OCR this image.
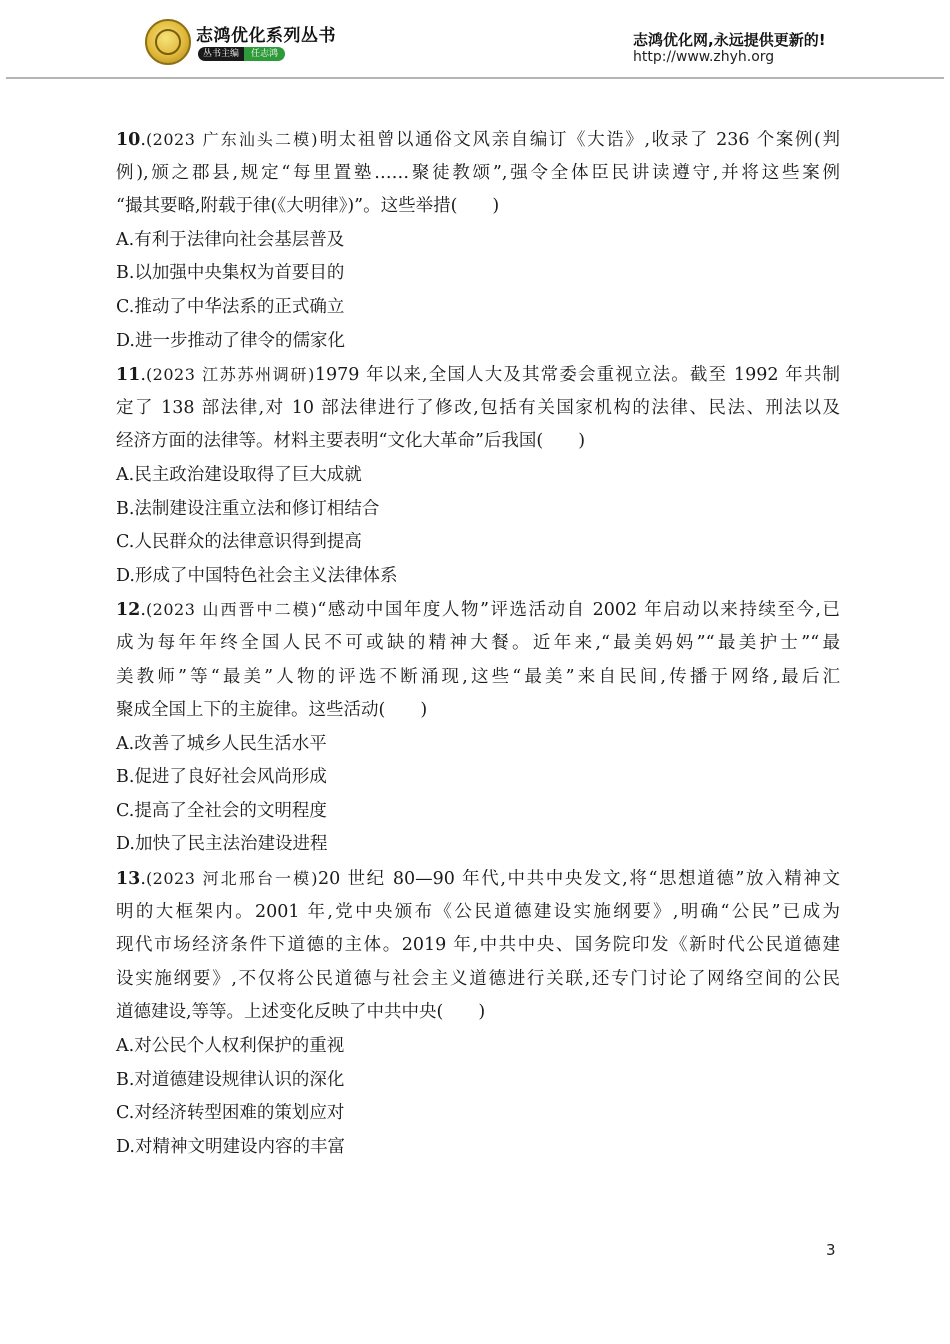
志鸿优化系列丛书
丛书主编	任志鸿
志鸿优化网,永远提供更新的!
http://www.zhyh.org
10.(2023 广东汕头二模)明太祖曾以通俗文风亲自编订《大诰》,收录了 236 个案例(判
例),颁之郡县,规定“每里置塾……聚徒教颂”,强令全体臣民讲读遵守,并将这些案例
“撮其要略,附载于律(《大明律》)”。这些举措(　　)
A.有利于法律向社会基层普及
B.以加强中央集权为首要目的
C.推动了中华法系的正式确立
D.进一步推动了律令的儒家化
11.(2023 江苏苏州调研)1979 年以来,全国人大及其常委会重视立法。截至 1992 年共制
定了 138 部法律,对 10 部法律进行了修改,包括有关国家机构的法律、民法、刑法以及
经济方面的法律等。材料主要表明“文化大革命”后我国(　　)
A.民主政治建设取得了巨大成就
B.法制建设注重立法和修订相结合
C.人民群众的法律意识得到提高
D.形成了中国特色社会主义法律体系
12.(2023 山西晋中二模)“感动中国年度人物”评选活动自 2002 年启动以来持续至今,已
成为每年年终全国人民不可或缺的精神大餐。近年来,“最美妈妈”“最美护士”“最
美教师”等“最美”人物的评选不断涌现,这些“最美”来自民间,传播于网络,最后汇
聚成全国上下的主旋律。这些活动(　　)
A.改善了城乡人民生活水平
B.促进了良好社会风尚形成
C.提高了全社会的文明程度
D.加快了民主法治建设进程
13.(2023 河北邢台一模)20 世纪 80—90 年代,中共中央发文,将“思想道德”放入精神文
明的大框架内。2001 年,党中央颁布《公民道德建设实施纲要》,明确“公民”已成为
现代市场经济条件下道德的主体。2019 年,中共中央、国务院印发《新时代公民道德建
设实施纲要》,不仅将公民道德与社会主义道德进行关联,还专门讨论了网络空间的公民
道德建设,等等。上述变化反映了中共中央(　　)
A.对公民个人权利保护的重视
B.对道德建设规律认识的深化
C.对经济转型困难的策划应对
D.对精神文明建设内容的丰富
3
